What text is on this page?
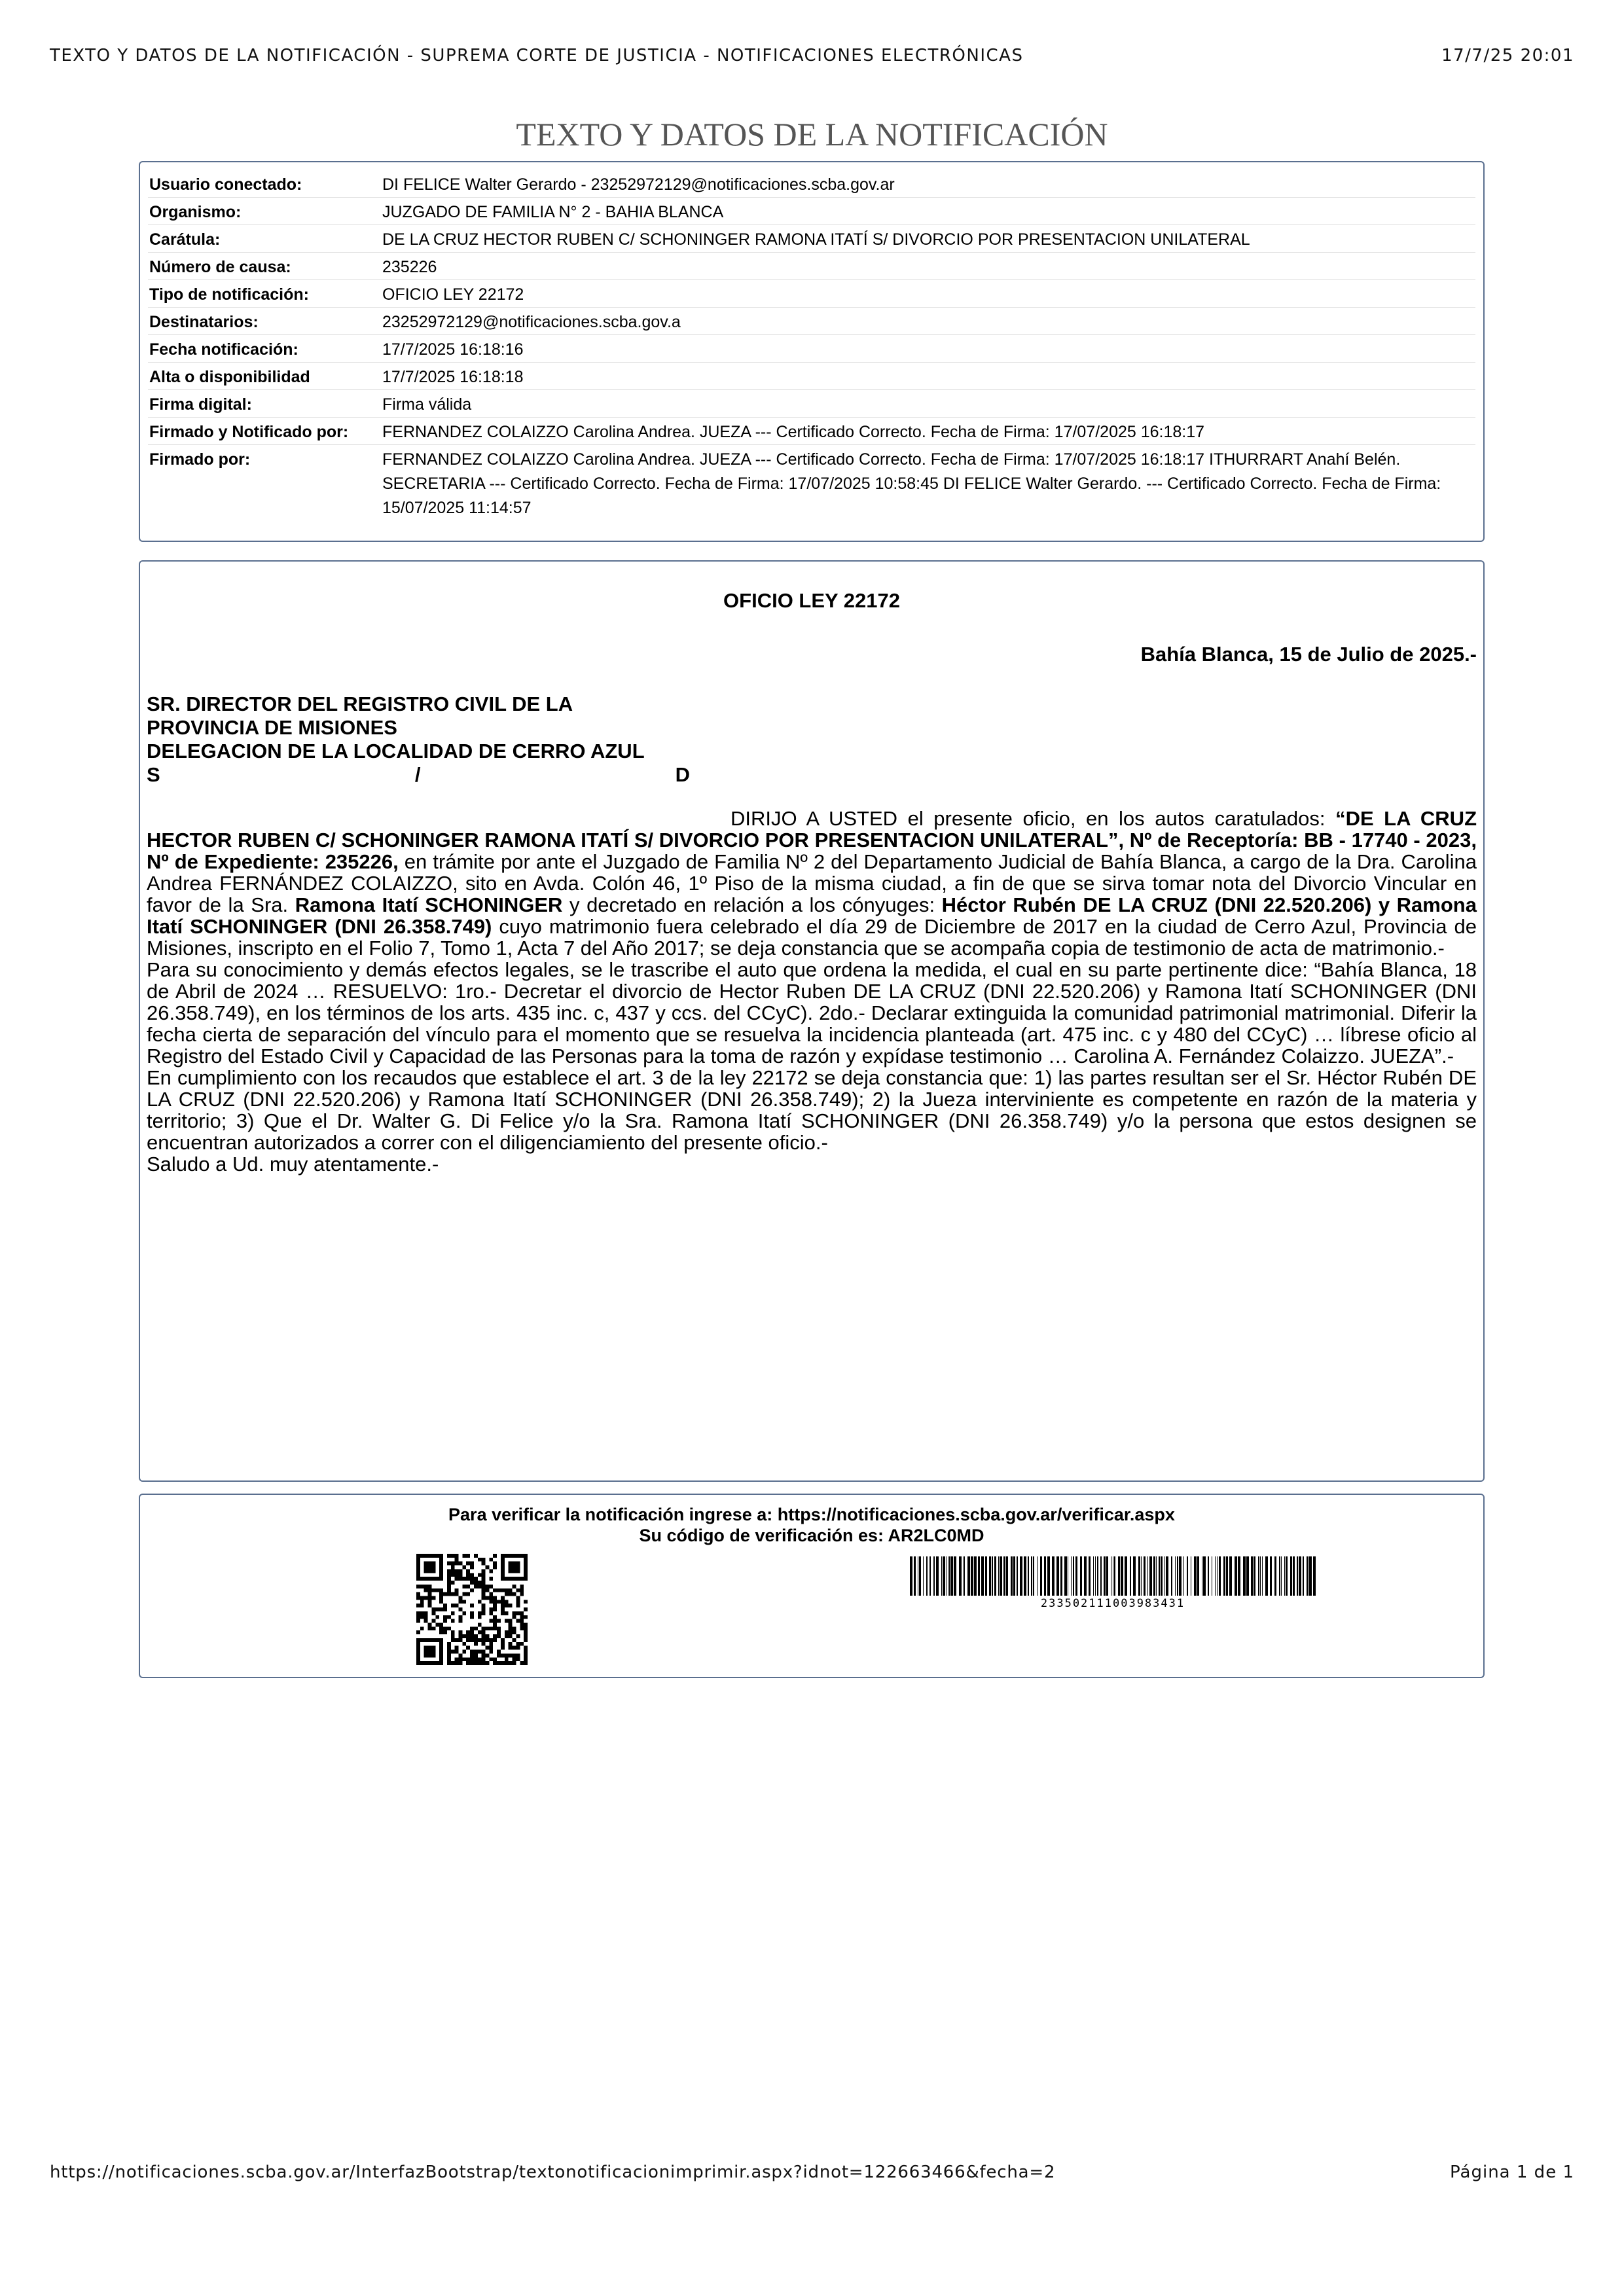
TEXTO Y DATOS DE LA NOTIFICACIÓN - SUPREMA CORTE DE JUSTICIA - NOTIFICACIONES ELECTRÓNICAS	17/7/25 20:01
TEXTO Y DATOS DE LA NOTIFICACIÓN
Usuario conectado:	DI FELICE Walter Gerardo - 23252972129@notificaciones.scba.gov.ar
Organismo:	JUZGADO DE FAMILIA N° 2 - BAHIA BLANCA
Carátula:	DE LA CRUZ HECTOR RUBEN C/ SCHONINGER RAMONA ITATÍ S/ DIVORCIO POR PRESENTACION UNILATERAL
Número de causa:	235226
Tipo de notificación:	OFICIO LEY 22172
Destinatarios:	23252972129@notificaciones.scba.gov.a
Fecha notificación:	17/7/2025 16:18:16
Alta o disponibilidad	17/7/2025 16:18:18
Firma digital:	Firma válida
Firmado y Notificado por:	FERNANDEZ COLAIZZO Carolina Andrea. JUEZA --- Certificado Correcto. Fecha de Firma: 17/07/2025 16:18:17
Firmado por:	FERNANDEZ COLAIZZO Carolina Andrea. JUEZA --- Certificado Correcto. Fecha de Firma: 17/07/2025 16:18:17 ITHURRART Anahí Belén. SECRETARIA --- Certificado Correcto. Fecha de Firma: 17/07/2025 10:58:45 DI FELICE Walter Gerardo. --- Certificado Correcto. Fecha de Firma: 15/07/2025 11:14:57
OFICIO LEY 22172
Bahía Blanca, 15 de Julio de 2025.-
SR. DIRECTOR DEL REGISTRO CIVIL DE LA
PROVINCIA DE MISIONES
DELEGACION DE LA LOCALIDAD DE CERRO AZUL
S	/	D

DIRIJO A USTED el presente oficio, en los autos caratulados: “DE LA CRUZ HECTOR RUBEN C/ SCHONINGER RAMONA ITATÍ S/ DIVORCIO POR PRESENTACION UNILATERAL”, Nº de Receptoría: BB - 17740 - 2023, Nº de Expediente: 235226, en trámite por ante el Juzgado de Familia Nº 2 del Departamento Judicial de Bahía Blanca, a cargo de la Dra. Carolina Andrea FERNÁNDEZ COLAIZZO, sito en Avda. Colón 46, 1º Piso de la misma ciudad, a fin de que se sirva tomar nota del Divorcio Vincular en favor de la Sra. Ramona Itatí SCHONINGER y decretado en relación a los cónyuges: Héctor Rubén DE LA CRUZ (DNI 22.520.206) y Ramona Itatí SCHONINGER (DNI 26.358.749) cuyo matrimonio fuera celebrado el día 29 de Diciembre de 2017 en la ciudad de Cerro Azul, Provincia de Misiones, inscripto en el Folio 7, Tomo 1, Acta 7 del Año 2017; se deja constancia que se acompaña copia de testimonio de acta de matrimonio.-

Para su conocimiento y demás efectos legales, se le trascribe el auto que ordena la medida, el cual en su parte pertinente dice: “Bahía Blanca, 18 de Abril de 2024 … RESUELVO: 1ro.- Decretar el divorcio de Hector Ruben DE LA CRUZ (DNI 22.520.206) y Ramona Itatí SCHONINGER (DNI 26.358.749), en los términos de los arts. 435 inc. c, 437 y ccs. del CCyC). 2do.- Declarar extinguida la comunidad patrimonial matrimonial. Diferir la fecha cierta de separación del vínculo para el momento que se resuelva la incidencia planteada (art. 475 inc. c y 480 del CCyC) … líbrese oficio al Registro del Estado Civil y Capacidad de las Personas para la toma de razón y expídase testimonio … Carolina A. Fernández Colaizzo. JUEZA”.-

En cumplimiento con los recaudos que establece el art. 3 de la ley 22172 se deja constancia que: 1) las partes resultan ser el Sr. Héctor Rubén DE LA CRUZ (DNI 22.520.206) y Ramona Itatí SCHONINGER (DNI 26.358.749); 2) la Jueza interviniente es competente en razón de la materia y territorio; 3) Que el Dr. Walter G. Di Felice y/o la Sra. Ramona Itatí SCHONINGER (DNI 26.358.749) y/o la persona que estos designen se encuentran autorizados a correr con el diligenciamiento del presente oficio.-

Saludo a Ud. muy atentamente.-

Para verificar la notificación ingrese a: https://notificaciones.scba.gov.ar/verificar.aspx
Su código de verificación es: AR2LC0MD
233502111003983431
https://notificaciones.scba.gov.ar/InterfazBootstrap/textonotificacionimprimir.aspx?idnot=122663466&fecha=2	Página 1 de 1
